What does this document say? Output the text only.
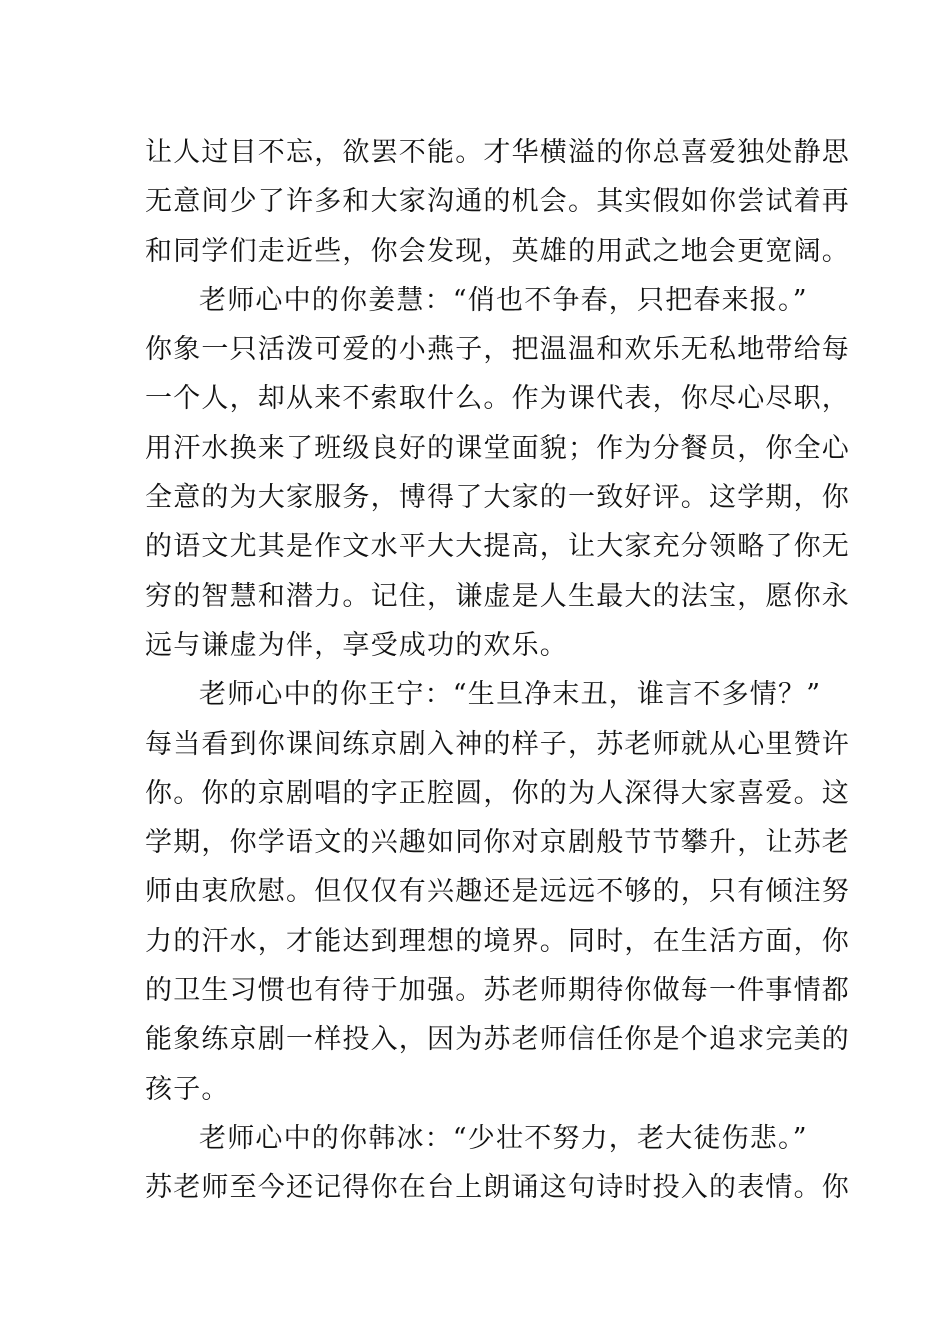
让人过目不忘，欲罢不能。才华横溢的你总喜爱独处静思
无意间少了许多和大家沟通的机会。其实假如你尝试着再
和同学们走近些，你会发现，英雄的用武之地会更宽阔。
老师心中的你姜慧：“俏也不争春，只把春来报。”
你象一只活泼可爱的小燕子，把温温和欢乐无私地带给每
一个人，却从来不索取什么。作为课代表，你尽心尽职，
用汗水换来了班级良好的课堂面貌；作为分餐员，你全心
全意的为大家服务，博得了大家的一致好评。这学期，你
的语文尤其是作文水平大大提高，让大家充分领略了你无
穷的智慧和潜力。记住，谦虚是人生最大的法宝，愿你永
远与谦虚为伴，享受成功的欢乐。
老师心中的你王宁：“生旦净末丑，谁言不多情？”
每当看到你课间练京剧入神的样子，苏老师就从心里赞许
你。你的京剧唱的字正腔圆，你的为人深得大家喜爱。这
学期，你学语文的兴趣如同你对京剧般节节攀升，让苏老
师由衷欣慰。但仅仅有兴趣还是远远不够的，只有倾注努
力的汗水，才能达到理想的境界。同时，在生活方面，你
的卫生习惯也有待于加强。苏老师期待你做每一件事情都
能象练京剧一样投入，因为苏老师信任你是个追求完美的
孩子。
老师心中的你韩冰：“少壮不努力，老大徒伤悲。”
苏老师至今还记得你在台上朗诵这句诗时投入的表情。你
